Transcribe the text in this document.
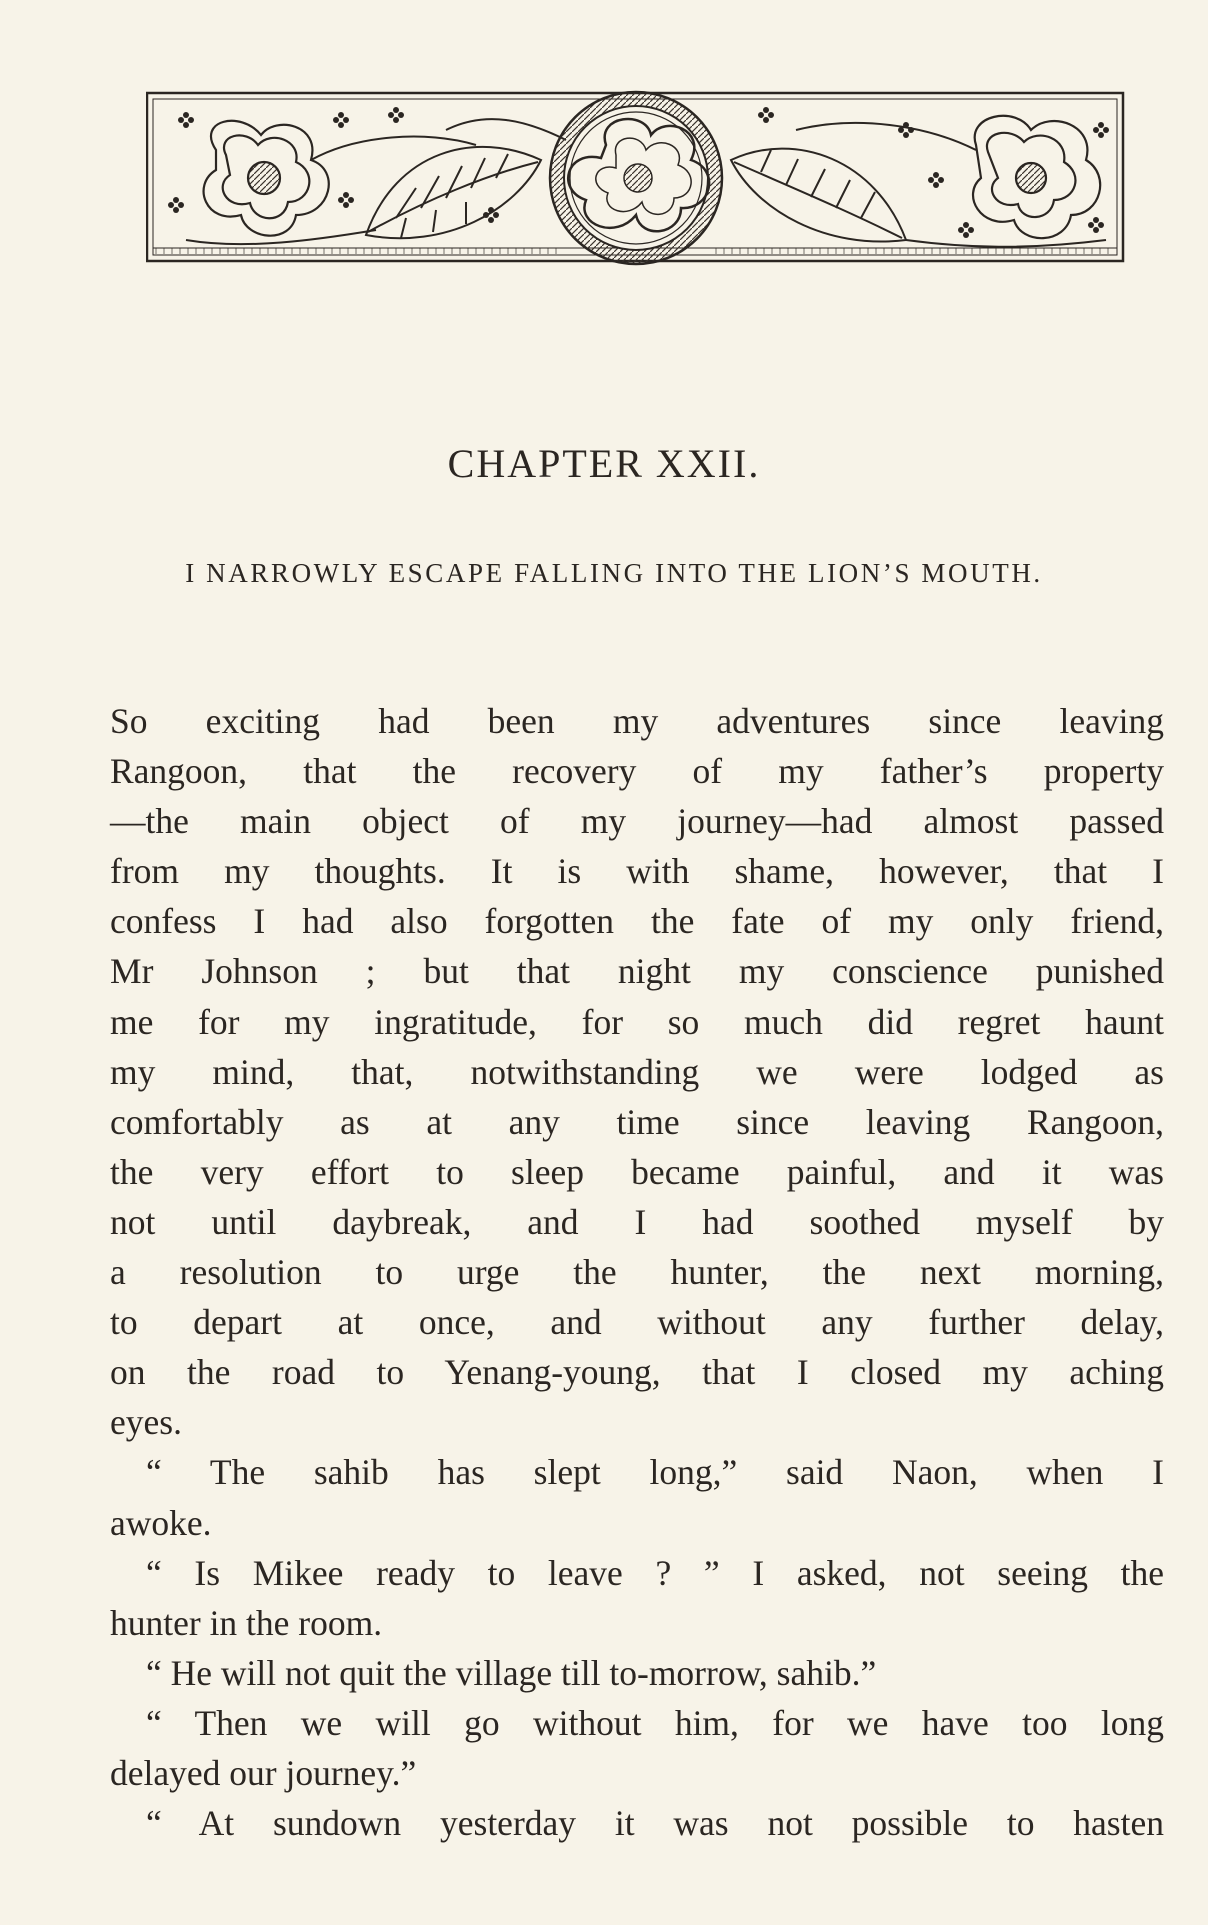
CHAPTER XXII.
I NARROWLY ESCAPE FALLING INTO THE LION’S MOUTH.
So exciting had been my adventures since leaving
Rangoon, that the recovery of my father’s property
—the main object of my journey—had almost passed
from my thoughts. It is with shame, however, that I
confess I had also forgotten the fate of my only friend,
Mr Johnson ; but that night my conscience punished
me for my ingratitude, for so much did regret haunt
my mind, that, notwithstanding we were lodged as
comfortably as at any time since leaving Rangoon,
the very effort to sleep became painful, and it was
not until daybreak, and I had soothed myself by
a resolution to urge the hunter, the next morning,
to depart at once, and without any further delay,
on the road to Yenang-young, that I closed my aching
eyes.
“ The sahib has slept long,” said Naon, when I
awoke.
“ Is Mikee ready to leave ? ” I asked, not seeing the
hunter in the room.
“ He will not quit the village till to-morrow, sahib.”
“ Then we will go without him, for we have too long
delayed our journey.”
“ At sundown yesterday it was not possible to hasten
